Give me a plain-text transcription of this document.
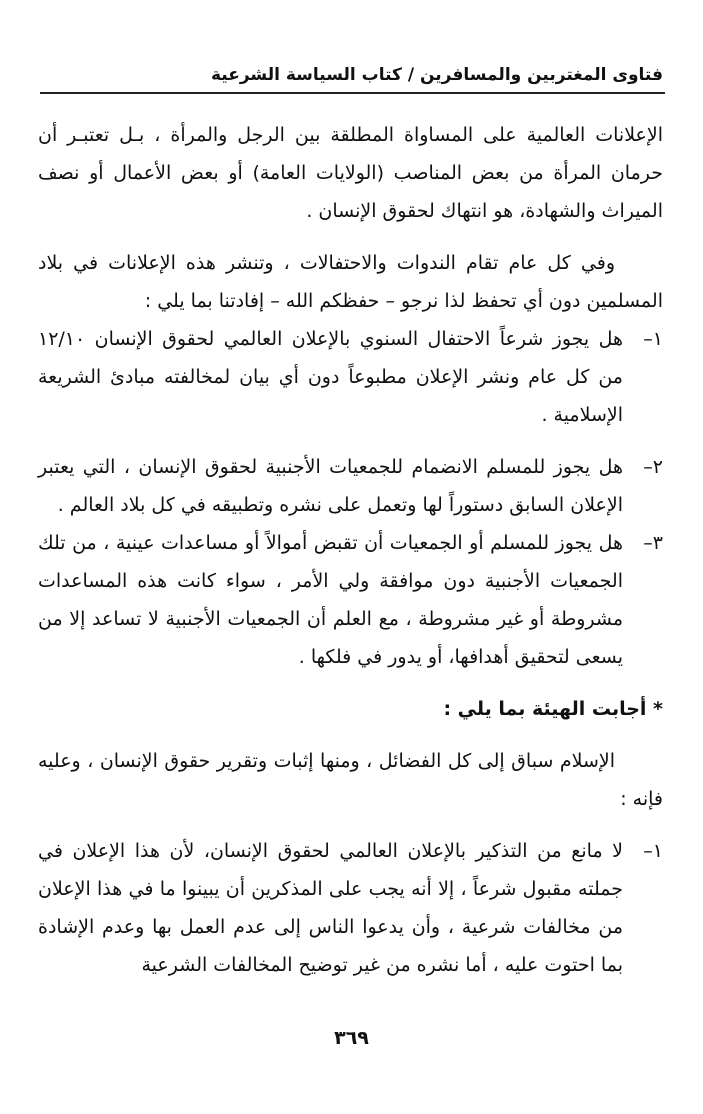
فتاوى المغتربين والمسافرين / كتاب السياسة الشرعية

الإعلانات العالمية على المساواة المطلقة بين الرجل والمرأة ، بـل تعتبـر أن حرمان المرأة من بعض المناصب (الولايات العامة) أو بعض الأعمال أو نصف الميراث والشهادة، هو انتهاك لحقوق الإنسان .

وفي كل عام تقام الندوات والاحتفالات ، وتنشر هذه الإعلانات في بلاد المسلمين دون أي تحفظ لذا نرجو – حفظكم الله – إفادتنا بما يلي :

١–
هل يجوز شرعاً الاحتفال السنوي بالإعلان العالمي لحقوق الإنسان ١٢/١٠ من كل عام ونشر الإعلان مطبوعاً دون أي بيان لمخالفته مبادئ الشريعة الإسلامية .
٢–
هل يجوز للمسلم الانضمام للجمعيات الأجنبية لحقوق الإنسان ، التي يعتبر الإعلان السابق دستوراً لها وتعمل على نشره وتطبيقه في كل بلاد العالم .
٣–
هل يجوز للمسلم أو الجمعيات أن تقبض أموالاً أو مساعدات عينية ، من تلك الجمعيات الأجنبية دون موافقة ولي الأمر ، سواء كانت هذه المساعدات مشروطة أو غير مشروطة ، مع العلم أن الجمعيات الأجنبية لا تساعد إلا من يسعى لتحقيق أهدافها، أو يدور في فلكها .

* أجابت الهيئة بما يلي :

الإسلام سباق إلى كل الفضائل ، ومنها إثبات وتقرير حقوق الإنسان ، وعليه فإنه :

١–
لا مانع من التذكير بالإعلان العالمي لحقوق الإنسان، لأن هذا الإعلان في جملته مقبول شرعاً ، إلا أنه يجب على المذكرين أن يبينوا ما في هذا الإعلان من مخالفات شرعية ، وأن يدعوا الناس إلى عدم العمل بها وعدم الإشادة بما احتوت عليه ، أما نشره من غير توضيح المخالفات الشرعية
٣٦٩
